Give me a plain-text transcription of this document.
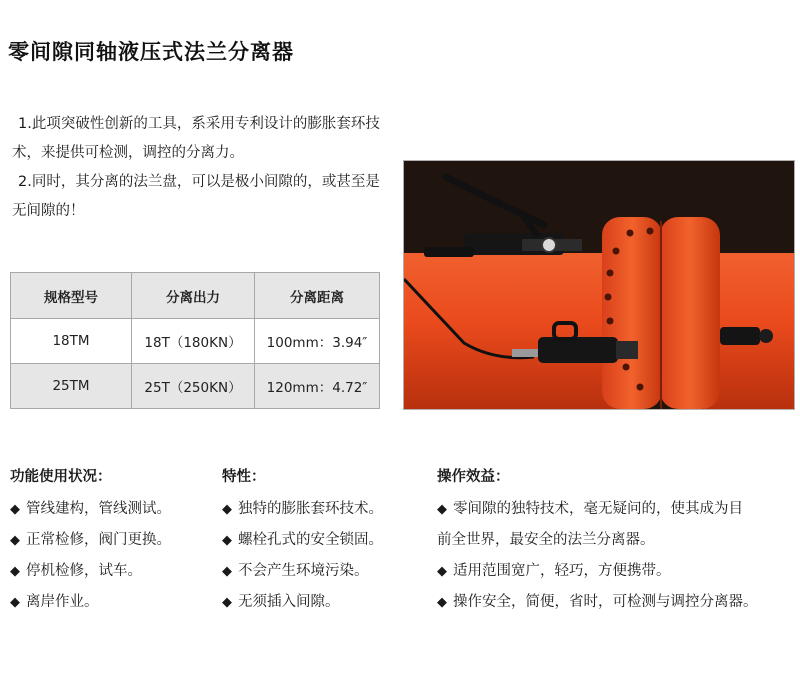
零间隙同轴液压式法兰分离器

1.此项突破性创新的工具，系采用专利设计的膨胀套环技术，来提供可检测，调控的分离力。

2.同时，其分离的法兰盘，可以是极小间隙的，或甚至是无间隙的！

规格型号	分离出力	分离距离
18TM	18T（180KN）	100mm：3.94″
25TM	25T（250KN）	120mm：4.72″
功能使用状况：
◆ 管线建构，管线测试。
◆ 正常检修，阀门更换。
◆ 停机检修，试车。
◆ 离岸作业。
特性：
◆ 独特的膨胀套环技术。
◆ 螺栓孔式的安全锁固。
◆ 不会产生环境污染。
◆ 无须插入间隙。
操作效益：
◆ 零间隙的独特技术，毫无疑问的，使其成为目
前全世界，最安全的法兰分离器。
◆ 适用范围宽广，轻巧，方便携带。
◆ 操作安全，简便，省时，可检测与调控分离器。
